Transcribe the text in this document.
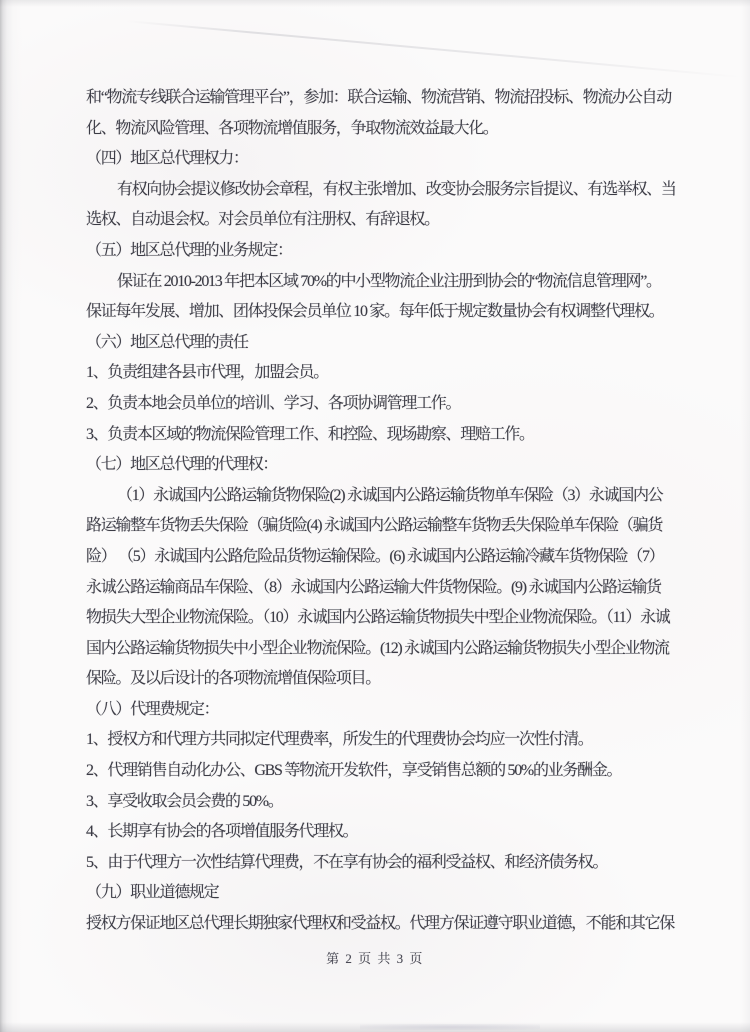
和“物流专线联合运输管理平台”，参加：联合运输、物流营销、物流招投标、物流办公自动
化、物流风险管理、各项物流增值服务，争取物流效益最大化。
（四）地区总代理权力：
有权向协会提议修改协会章程，有权主张增加、改变协会服务宗旨提议、有选举权、当
选权、自动退会权。对会员单位有注册权、有辞退权。
（五）地区总代理的业务规定：
保证在 2010-2013 年把本区域 70%的中小型物流企业注册到协会的“物流信息管理网”。
保证每年发展、增加、团体投保会员单位 10 家。每年低于规定数量协会有权调整代理权。
（六）地区总代理的责任
1、负责组建各县市代理，加盟会员。
2、负责本地会员单位的培训、学习、各项协调管理工作。
3、负责本区域的物流保险管理工作、和控险、现场勘察、理赔工作。
（七）地区总代理的代理权：
（1）永诚国内公路运输货物保险(2) 永诚国内公路运输货物单车保险（3）永诚国内公
路运输整车货物丢失保险（骗货险(4) 永诚国内公路运输整车货物丢失保险单车保险（骗货
险） （5）永诚国内公路危险品货物运输保险。(6) 永诚国内公路运输冷藏车货物保险（7）
永诚公路运输商品车保险、（8）永诚国内公路运输大件货物保险。(9) 永诚国内公路运输货
物损失大型企业物流保险。（10）永诚国内公路运输货物损失中型企业物流保险。（11）永诚
国内公路运输货物损失中小型企业物流保险。(12) 永诚国内公路运输货物损失小型企业物流
保险。及以后设计的各项物流增值保险项目。
（八）代理费规定：
1、授权方和代理方共同拟定代理费率，所发生的代理费协会均应一次性付清。
2、代理销售自动化办公、GBS 等物流开发软件，享受销售总额的 50%的业务酬金。
3、享受收取会员会费的 50%。
4、长期享有协会的各项增值服务代理权。
5、由于代理方一次性结算代理费，不在享有协会的福利受益权、和经济债务权。
（九）职业道德规定
授权方保证地区总代理长期独家代理权和受益权。代理方保证遵守职业道德，不能和其它保
第 2 页 共 3 页
